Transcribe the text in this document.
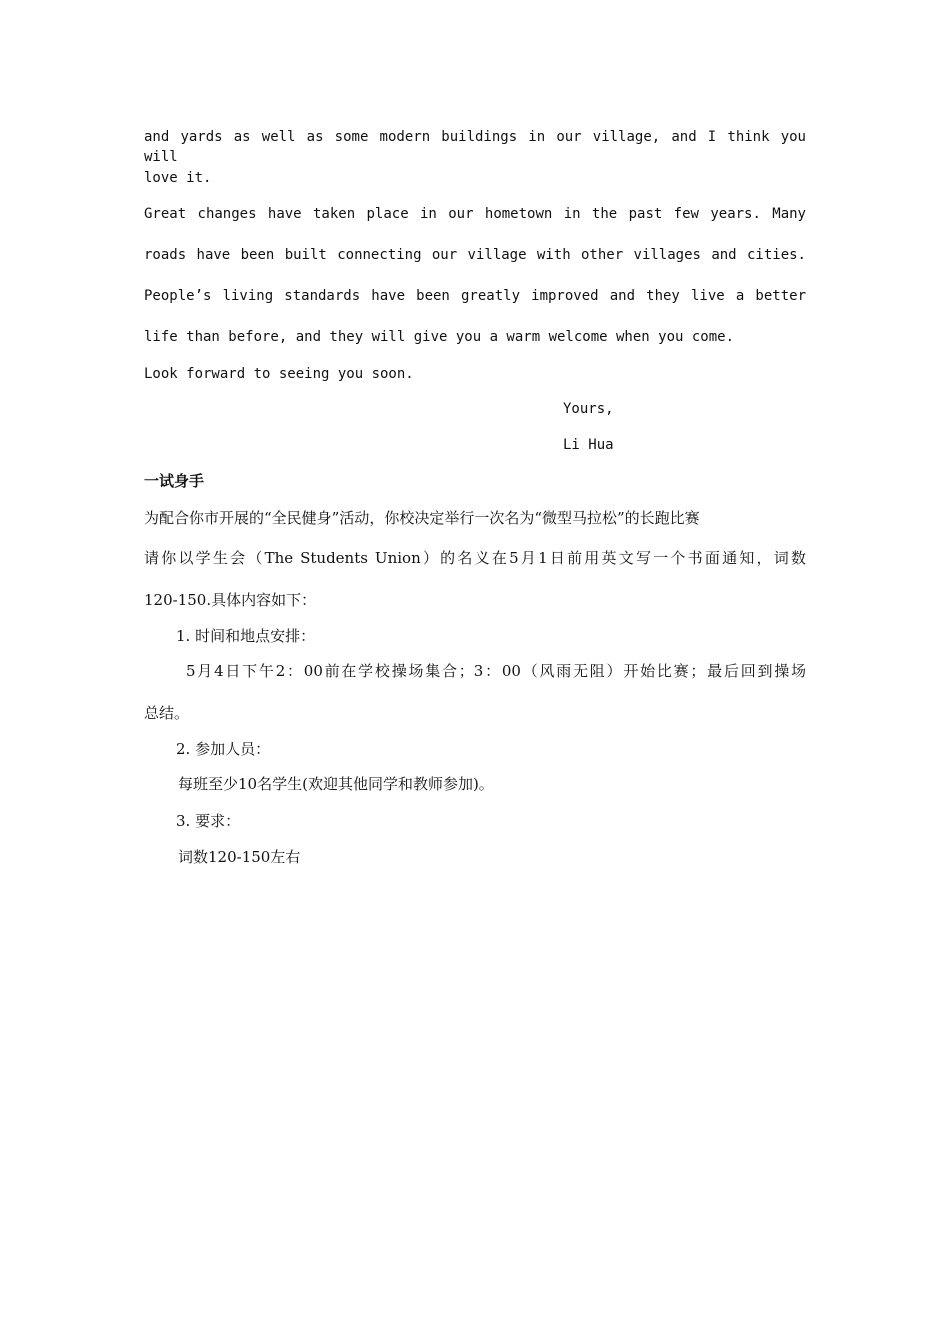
and yards as well as some modern buildings in our village, and I think you will
love it.
Great changes have taken place in our hometown in the past few years. Many
roads have been built connecting our village with other villages and cities.
People’s living standards have been greatly improved and they live a better
life than before, and they will give you a warm welcome when you come.
Look forward to seeing you soon.
Yours,
Li Hua
一试身手
为配合你市开展的“全民健身”活动，你校决定举行一次名为“微型马拉松”的长跑比赛
请你以学生会（The Students Union）的名义在5月1日前用英文写一个书面通知，词数
120-150.具体内容如下：
1. 时间和地点安排：
5月4日下午2：00前在学校操场集合；3：00（风雨无阻）开始比赛；最后回到操场
总结。
2. 参加人员：
每班至少10名学生(欢迎其他同学和教师参加)。
3. 要求：
词数120-150左右
